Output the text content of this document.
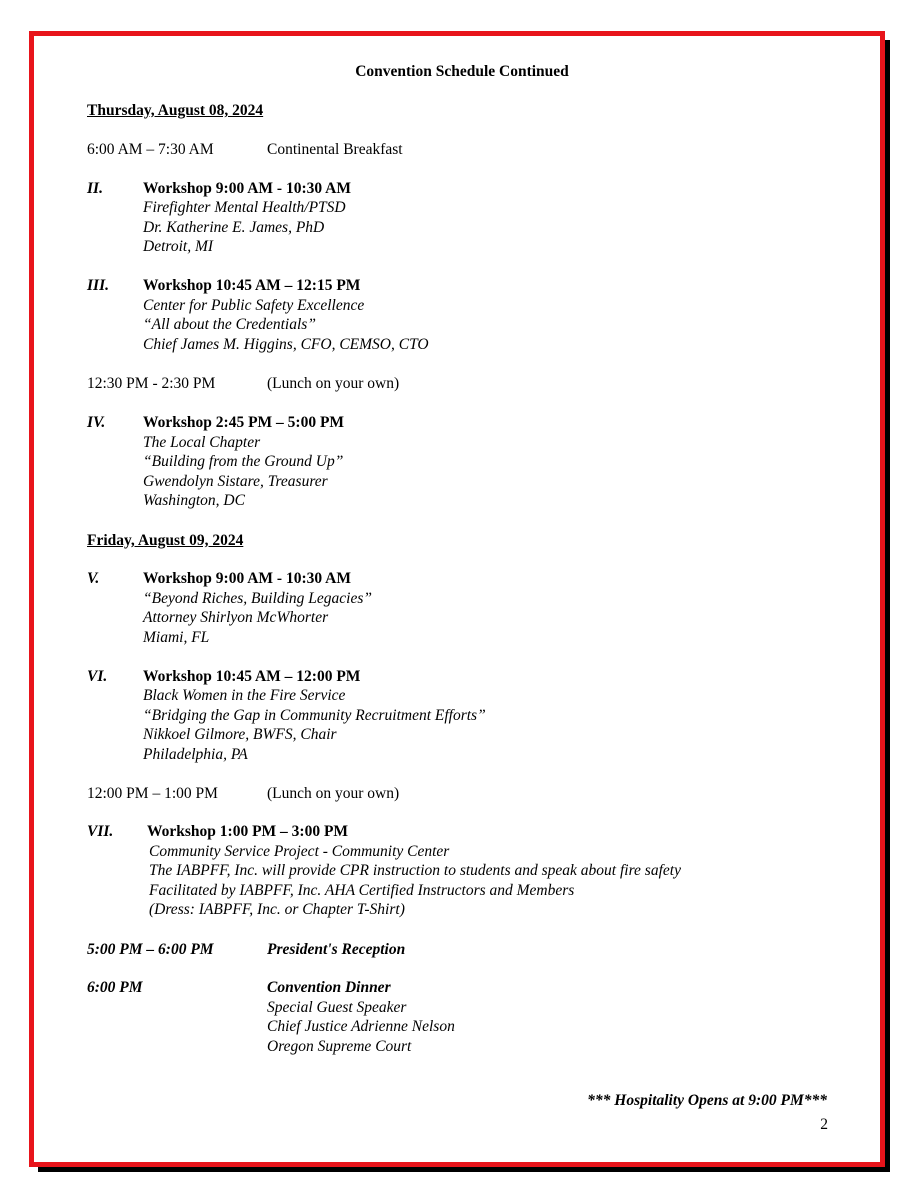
Convention Schedule Continued
Thursday, August 08, 2024
6:00 AM – 7:30 AM	Continental Breakfast
II.	Workshop 9:00 AM - 10:30 AM
Firefighter Mental Health/PTSD
Dr. Katherine E. James, PhD
Detroit, MI
III. Workshop 10:45 AM – 12:15 PM
Center for Public Safety Excellence
“All about the Credentials”
Chief James M. Higgins, CFO, CEMSO, CTO
12:30 PM - 2:30 PM	(Lunch on your own)
IV. Workshop 2:45 PM – 5:00 PM
The Local Chapter
“Building from the Ground Up”
Gwendolyn Sistare, Treasurer
Washington, DC
Friday, August 09, 2024
V.	Workshop 9:00 AM - 10:30 AM
“Beyond Riches, Building Legacies”
Attorney Shirlyon McWhorter
Miami, FL
VI. Workshop 10:45 AM – 12:00 PM
Black Women in the Fire Service
“Bridging the Gap in Community Recruitment Efforts”
Nikkoel Gilmore, BWFS, Chair
Philadelphia, PA
12:00 PM – 1:00 PM	(Lunch on your own)
VII. Workshop 1:00 PM – 3:00 PM
Community Service Project - Community Center
The IABPFF, Inc. will provide CPR instruction to students and speak about fire safety
Facilitated by IABPFF, Inc. AHA Certified Instructors and Members
(Dress: IABPFF, Inc. or Chapter T-Shirt)
5:00 PM – 6:00 PM	President's Reception
6:00 PM	Convention Dinner
Special Guest Speaker
Chief Justice Adrienne Nelson
Oregon Supreme Court
*** Hospitality Opens at 9:00 PM***
2
